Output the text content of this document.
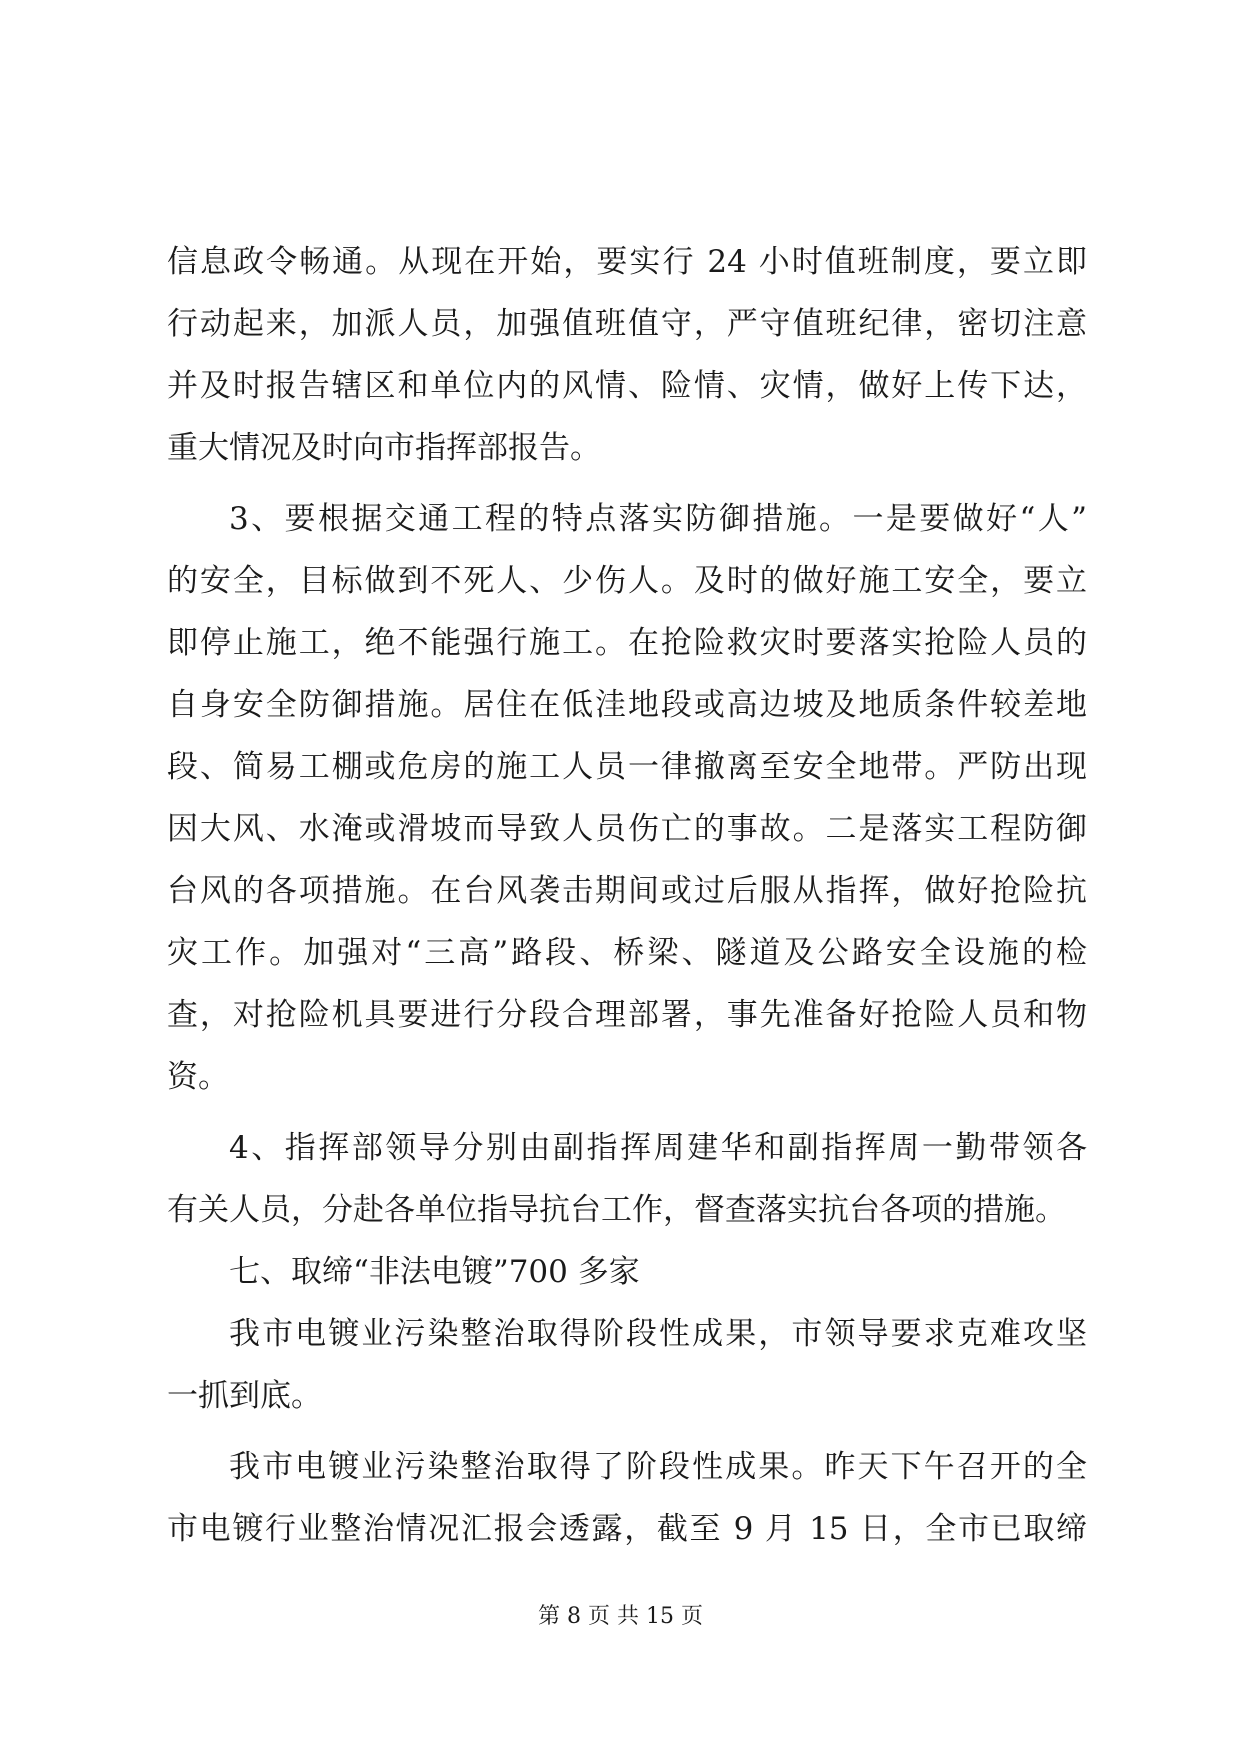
信息政令畅通。从现在开始，要实行 24 小时值班制度，要立即
行动起来，加派人员，加强值班值守，严守值班纪律，密切注意
并及时报告辖区和单位内的风情、险情、灾情，做好上传下达，
重大情况及时向市指挥部报告。
3、要根据交通工程的特点落实防御措施。一是要做好“人”
的安全，目标做到不死人、少伤人。及时的做好施工安全，要立
即停止施工，绝不能强行施工。在抢险救灾时要落实抢险人员的
自身安全防御措施。居住在低洼地段或高边坡及地质条件较差地
段、简易工棚或危房的施工人员一律撤离至安全地带。严防出现
因大风、水淹或滑坡而导致人员伤亡的事故。二是落实工程防御
台风的各项措施。在台风袭击期间或过后服从指挥，做好抢险抗
灾工作。加强对“三高”路段、桥梁、隧道及公路安全设施的检
查，对抢险机具要进行分段合理部署，事先准备好抢险人员和物
资。
4、指挥部领导分别由副指挥周建华和副指挥周一勤带领各
有关人员，分赴各单位指导抗台工作，督查落实抗台各项的措施。
七、取缔“非法电镀”700 多家
我市电镀业污染整治取得阶段性成果，市领导要求克难攻坚
一抓到底。
我市电镀业污染整治取得了阶段性成果。昨天下午召开的全
市电镀行业整治情况汇报会透露，截至 9 月 15 日，全市已取缔
第 8 页 共 15 页
